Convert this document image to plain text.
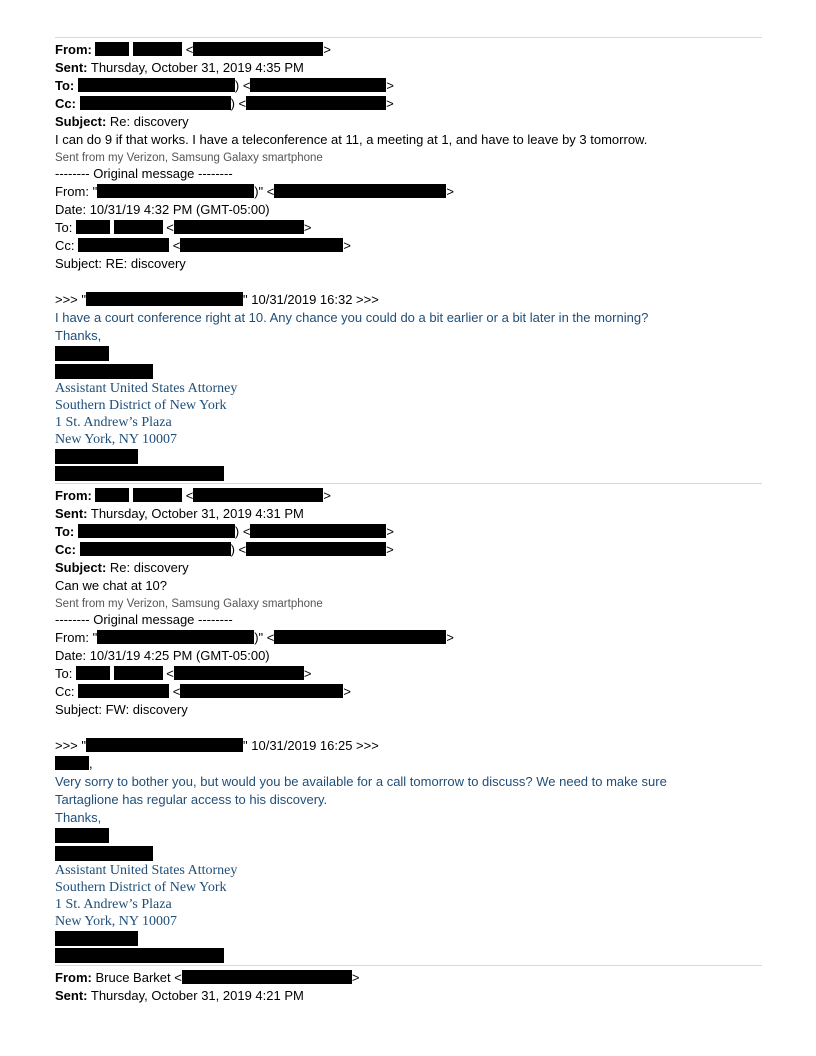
From:	<	>
Sent: Thursday, October 31, 2019 4:35 PM
To:	) <	>
Cc:	) <	>
Subject: Re: discovery
I can do 9 if that works. I have a teleconference at 11, a meeting at 1, and have to leave by 3 tomorrow.
Sent from my Verizon, Samsung Galaxy smartphone
-------- Original message --------
From: "	)" <	>
Date: 10/31/19 4:32 PM (GMT-05:00)
To:	<	>
Cc:	<	>
Subject: RE: discovery
>>> "	" 10/31/2019 16:32 >>>
I have a court conference right at 10. Any chance you could do a bit earlier or a bit later in the morning?
Thanks,
Assistant United States Attorney
Southern District of New York
1 St. Andrew’s Plaza
New York, NY 10007
From:	<	>
Sent: Thursday, October 31, 2019 4:31 PM
To:	) <	>
Cc:	) <	>
Subject: Re: discovery
Can we chat at 10?
Sent from my Verizon, Samsung Galaxy smartphone
-------- Original message --------
From: "	)" <	>
Date: 10/31/19 4:25 PM (GMT-05:00)
To:	<	>
Cc:	<	>
Subject: FW: discovery
>>> "	" 10/31/2019 16:25 >>>
,
Very sorry to bother you, but would you be available for a call tomorrow to discuss? We need to make sure
Tartaglione has regular access to his discovery.
Thanks,
Assistant United States Attorney
Southern District of New York
1 St. Andrew’s Plaza
New York, NY 10007
From: Bruce Barket <	>
Sent: Thursday, October 31, 2019 4:21 PM
